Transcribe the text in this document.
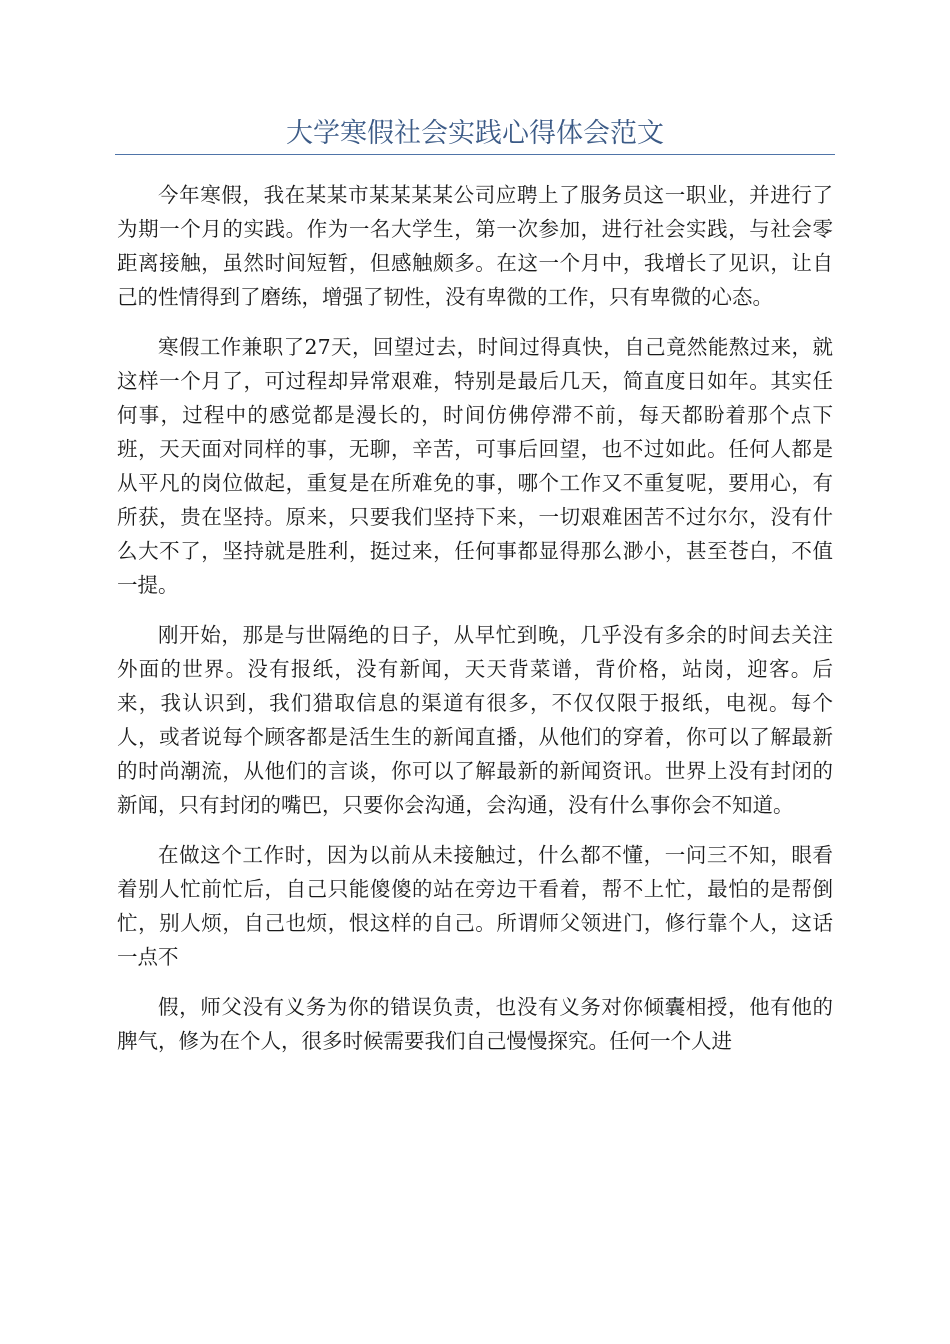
大学寒假社会实践心得体会范文

今年寒假，我在某某市某某某某公司应聘上了服务员这一职业，并进行了为期一个月的实践。作为一名大学生，第一次参加，进行社会实践，与社会零距离接触，虽然时间短暂，但感触颇多。在这一个月中，我增长了见识，让自己的性情得到了磨练，增强了韧性，没有卑微的工作，只有卑微的心态。

寒假工作兼职了27天，回望过去，时间过得真快，自己竟然能熬过来，就这样一个月了，可过程却异常艰难，特别是最后几天，简直度日如年。其实任何事，过程中的感觉都是漫长的，时间仿佛停滞不前，每天都盼着那个点下班，天天面对同样的事，无聊，辛苦，可事后回望，也不过如此。任何人都是从平凡的岗位做起，重复是在所难免的事，哪个工作又不重复呢，要用心，有所获，贵在坚持。原来，只要我们坚持下来，一切艰难困苦不过尔尔，没有什么大不了，坚持就是胜利，挺过来，任何事都显得那么渺小，甚至苍白，不值一提。

刚开始，那是与世隔绝的日子，从早忙到晚，几乎没有多余的时间去关注外面的世界。没有报纸，没有新闻，天天背菜谱，背价格，站岗，迎客。后来，我认识到，我们猎取信息的渠道有很多，不仅仅限于报纸，电视。每个人，或者说每个顾客都是活生生的新闻直播，从他们的穿着，你可以了解最新的时尚潮流，从他们的言谈，你可以了解最新的新闻资讯。世界上没有封闭的新闻，只有封闭的嘴巴，只要你会沟通，会沟通，没有什么事你会不知道。

在做这个工作时，因为以前从未接触过，什么都不懂，一问三不知，眼看着别人忙前忙后，自己只能傻傻的站在旁边干看着，帮不上忙，最怕的是帮倒忙，别人烦，自己也烦，恨这样的自己。所谓师父领进门，修行靠个人，这话一点不

假，师父没有义务为你的错误负责，也没有义务对你倾囊相授，他有他的脾气，修为在个人，很多时候需要我们自己慢慢探究。任何一个人进
